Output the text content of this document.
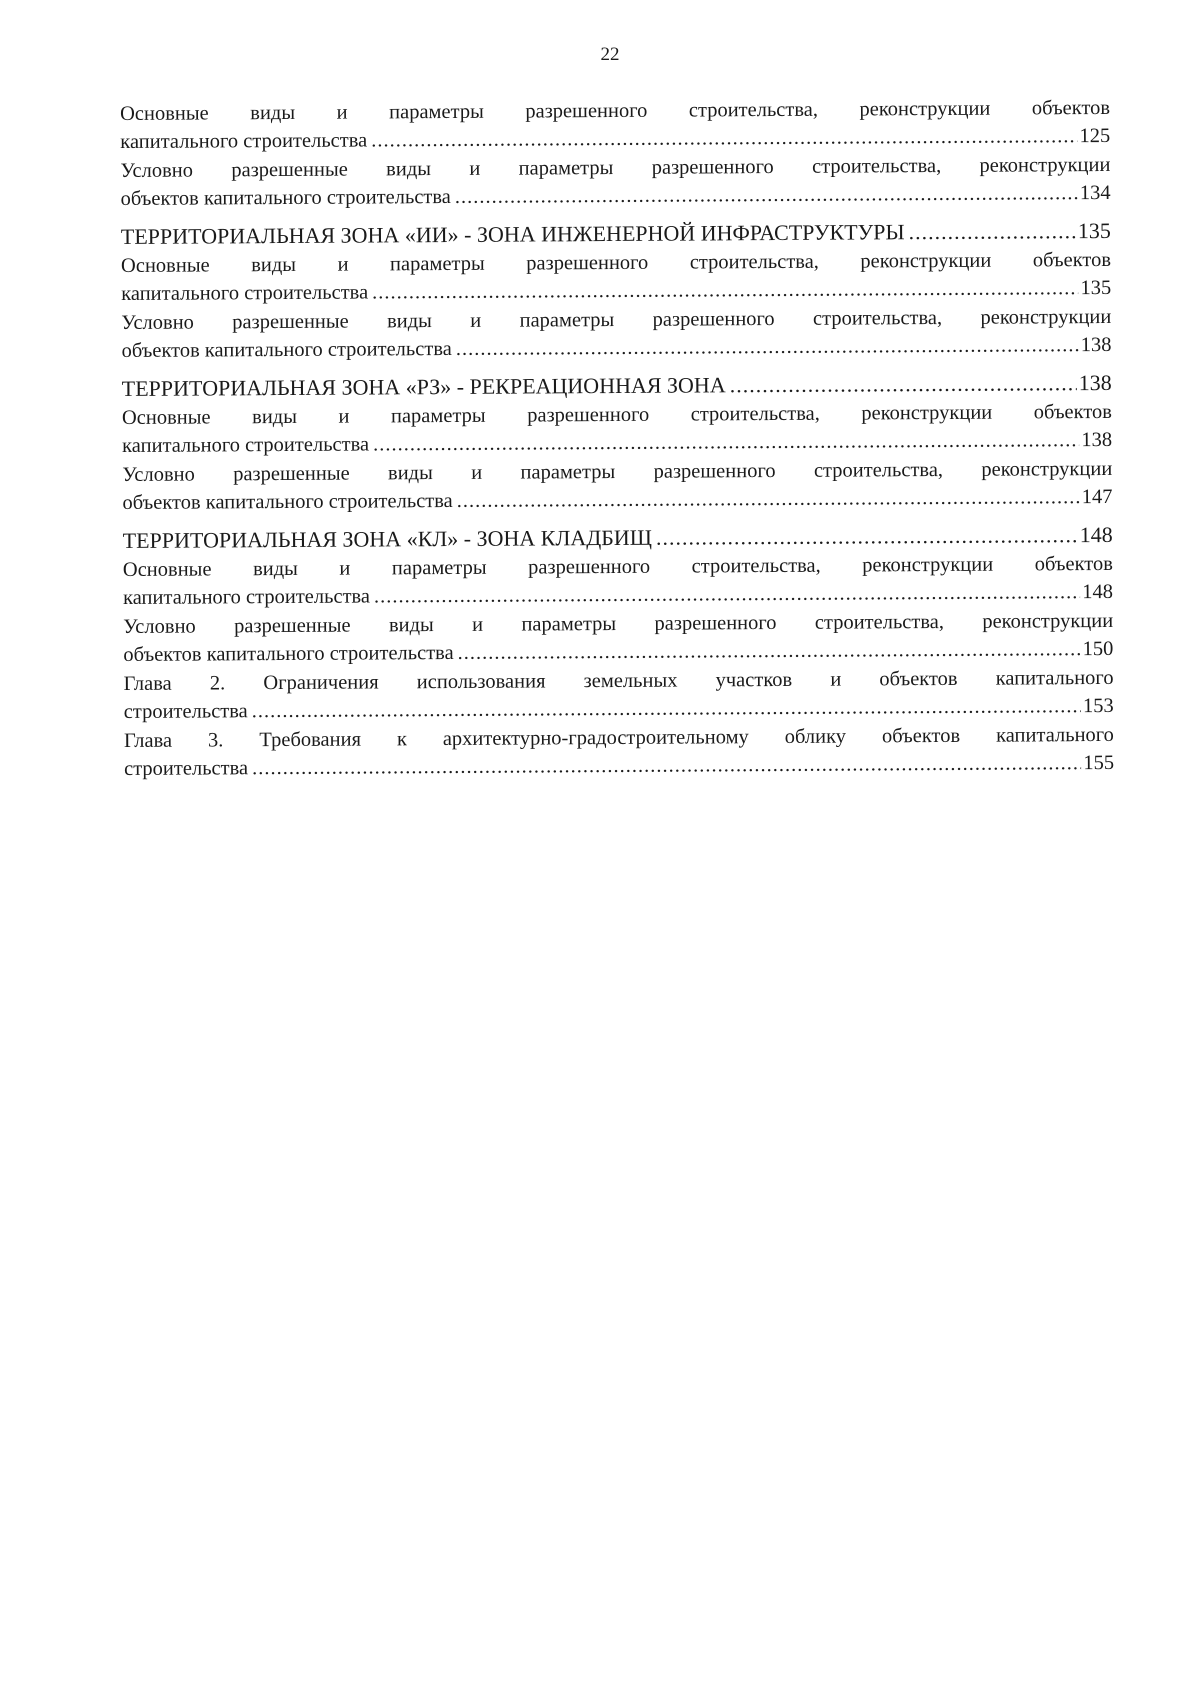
22
Основные виды и параметры разрешенного строительства, реконструкции объектов
капитального строительства .....	125
Условно разрешенные виды и параметры разрешенного строительства, реконструкции
объектов капитального строительства .....	134
ТЕРРИТОРИАЛЬНАЯ ЗОНА «ИИ» - ЗОНА ИНЖЕНЕРНОЙ ИНФРАСТРУКТУРЫ .....	135
Основные виды и параметры разрешенного строительства, реконструкции объектов
капитального строительства .....	135
Условно разрешенные виды и параметры разрешенного строительства, реконструкции
объектов капитального строительства .....	138
ТЕРРИТОРИАЛЬНАЯ ЗОНА «РЗ» - РЕКРЕАЦИОННАЯ ЗОНА .....	138
Основные виды и параметры разрешенного строительства, реконструкции объектов
капитального строительства .....	138
Условно разрешенные виды и параметры разрешенного строительства, реконструкции
объектов капитального строительства .....	147
ТЕРРИТОРИАЛЬНАЯ ЗОНА «КЛ» - ЗОНА КЛАДБИЩ .....	148
Основные виды и параметры разрешенного строительства, реконструкции объектов
капитального строительства .....	148
Условно разрешенные виды и параметры разрешенного строительства, реконструкции
объектов капитального строительства .....	150
Глава 2. Ограничения использования земельных участков и объектов капитального
строительства .....	153
Глава 3. Требования к архитектурно-градостроительному облику объектов капитального
строительства .....	155
